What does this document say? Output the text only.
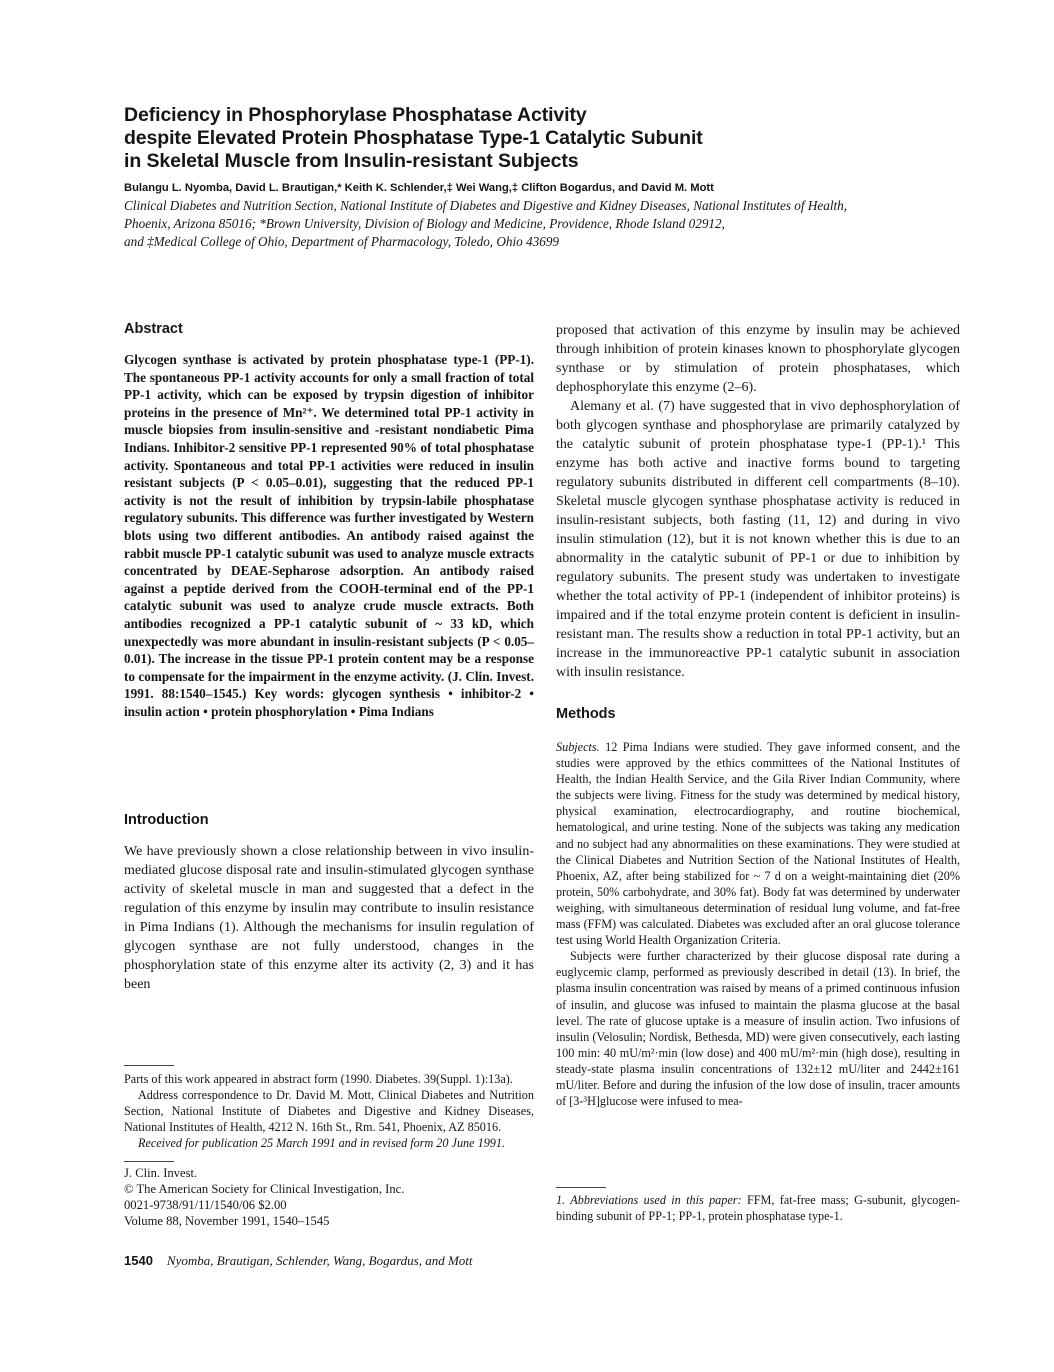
Deficiency in Phosphorylase Phosphatase Activity
despite Elevated Protein Phosphatase Type-1 Catalytic Subunit
in Skeletal Muscle from Insulin-resistant Subjects

Bulangu L. Nyomba, David L. Brautigan,* Keith K. Schlender,‡ Wei Wang,‡ Clifton Bogardus, and David M. Mott

Clinical Diabetes and Nutrition Section, National Institute of Diabetes and Digestive and Kidney Diseases, National Institutes of Health,
Phoenix, Arizona 85016; *Brown University, Division of Biology and Medicine, Providence, Rhode Island 02912,
and ‡Medical College of Ohio, Department of Pharmacology, Toledo, Ohio 43699

Abstract

Glycogen synthase is activated by protein phosphatase type-1 (PP-1). The spontaneous PP-1 activity accounts for only a small fraction of total PP-1 activity, which can be exposed by trypsin digestion of inhibitor proteins in the presence of Mn²⁺. We determined total PP-1 activity in muscle biopsies from insulin-sensitive and -resistant nondiabetic Pima Indians. Inhibitor-2 sensitive PP-1 represented 90% of total phosphatase activity. Spontaneous and total PP-1 activities were reduced in insulin resistant subjects (P < 0.05–0.01), suggesting that the reduced PP-1 activity is not the result of inhibition by trypsin-labile phosphatase regulatory subunits. This difference was further investigated by Western blots using two different antibodies. An antibody raised against the rabbit muscle PP-1 catalytic subunit was used to analyze muscle extracts concentrated by DEAE-Sepharose adsorption. An antibody raised against a peptide derived from the COOH-terminal end of the PP-1 catalytic subunit was used to analyze crude muscle extracts. Both antibodies recognized a PP-1 catalytic subunit of ~ 33 kD, which unexpectedly was more abundant in insulin-resistant subjects (P < 0.05–0.01). The increase in the tissue PP-1 protein content may be a response to compensate for the impairment in the enzyme activity. (J. Clin. Invest. 1991. 88:1540–1545.) Key words: glycogen synthesis • inhibitor-2 • insulin action • protein phosphorylation • Pima Indians

Introduction

We have previously shown a close relationship between in vivo insulin-mediated glucose disposal rate and insulin-stimulated glycogen synthase activity of skeletal muscle in man and suggested that a defect in the regulation of this enzyme by insulin may contribute to insulin resistance in Pima Indians (1). Although the mechanisms for insulin regulation of glycogen synthase are not fully understood, changes in the phosphorylation state of this enzyme alter its activity (2, 3) and it has been

Parts of this work appeared in abstract form (1990. Diabetes. 39(Suppl. 1):13a).

Address correspondence to Dr. David M. Mott, Clinical Diabetes and Nutrition Section, National Institute of Diabetes and Digestive and Kidney Diseases, National Institutes of Health, 4212 N. 16th St., Rm. 541, Phoenix, AZ 85016.

Received for publication 25 March 1991 and in revised form 20 June 1991.

J. Clin. Invest.
© The American Society for Clinical Investigation, Inc.
0021-9738/91/11/1540/06 $2.00
Volume 88, November 1991, 1540–1545

proposed that activation of this enzyme by insulin may be achieved through inhibition of protein kinases known to phosphorylate glycogen synthase or by stimulation of protein phosphatases, which dephosphorylate this enzyme (2–6).

Alemany et al. (7) have suggested that in vivo dephosphorylation of both glycogen synthase and phosphorylase are primarily catalyzed by the catalytic subunit of protein phosphatase type-1 (PP-1).¹ This enzyme has both active and inactive forms bound to targeting regulatory subunits distributed in different cell compartments (8–10). Skeletal muscle glycogen synthase phosphatase activity is reduced in insulin-resistant subjects, both fasting (11, 12) and during in vivo insulin stimulation (12), but it is not known whether this is due to an abnormality in the catalytic subunit of PP-1 or due to inhibition by regulatory subunits. The present study was undertaken to investigate whether the total activity of PP-1 (independent of inhibitor proteins) is impaired and if the total enzyme protein content is deficient in insulin-resistant man. The results show a reduction in total PP-1 activity, but an increase in the immunoreactive PP-1 catalytic subunit in association with insulin resistance.

Methods

Subjects. 12 Pima Indians were studied. They gave informed consent, and the studies were approved by the ethics committees of the National Institutes of Health, the Indian Health Service, and the Gila River Indian Community, where the subjects were living. Fitness for the study was determined by medical history, physical examination, electrocardiography, and routine biochemical, hematological, and urine testing. None of the subjects was taking any medication and no subject had any abnormalities on these examinations. They were studied at the Clinical Diabetes and Nutrition Section of the National Institutes of Health, Phoenix, AZ, after being stabilized for ~ 7 d on a weight-maintaining diet (20% protein, 50% carbohydrate, and 30% fat). Body fat was determined by underwater weighing, with simultaneous determination of residual lung volume, and fat-free mass (FFM) was calculated. Diabetes was excluded after an oral glucose tolerance test using World Health Organization Criteria.

Subjects were further characterized by their glucose disposal rate during a euglycemic clamp, performed as previously described in detail (13). In brief, the plasma insulin concentration was raised by means of a primed continuous infusion of insulin, and glucose was infused to maintain the plasma glucose at the basal level. The rate of glucose uptake is a measure of insulin action. Two infusions of insulin (Velosulin; Nordisk, Bethesda, MD) were given consecutively, each lasting 100 min: 40 mU/m²·min (low dose) and 400 mU/m²·min (high dose), resulting in steady-state plasma insulin concentrations of 132±12 mU/liter and 2442±161 mU/liter. Before and during the infusion of the low dose of insulin, tracer amounts of [3-³H]glucose were infused to mea-

1. Abbreviations used in this paper: FFM, fat-free mass; G-subunit, glycogen-binding subunit of PP-1; PP-1, protein phosphatase type-1.

1540 Nyomba, Brautigan, Schlender, Wang, Bogardus, and Mott
